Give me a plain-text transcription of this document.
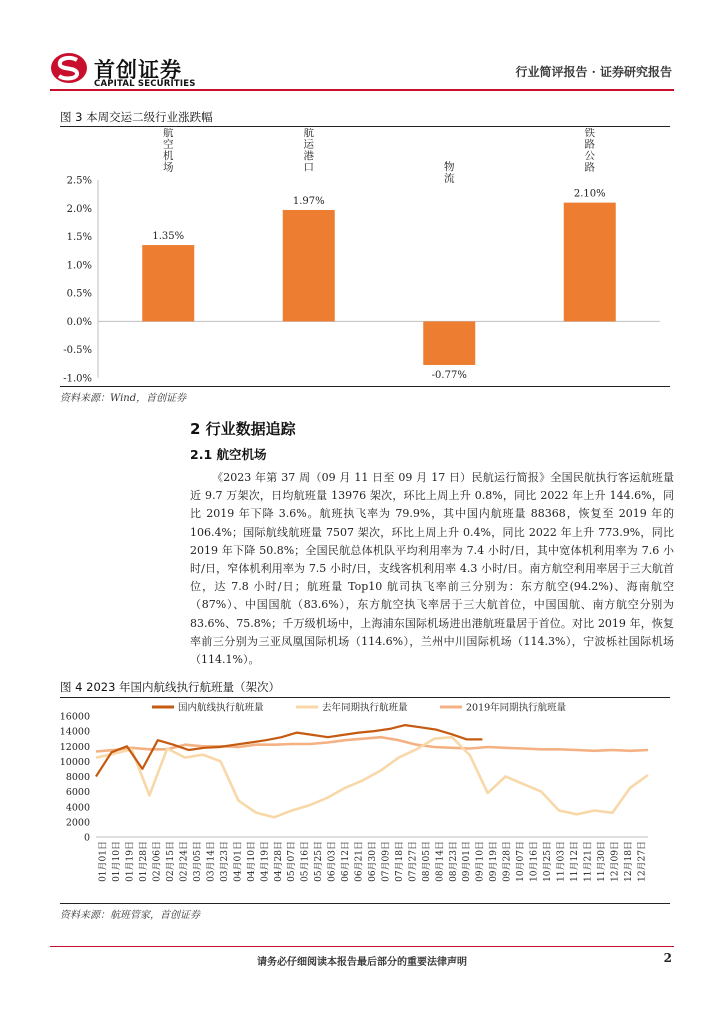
首创证券
CAPITAL SECURITIES
行业简评报告 · 证券研究报告
图 3 本周交运二级行业涨跌幅
-1.0%
-0.5%
0.0%
0.5%
1.0%
1.5%
2.0%
2.5%
1.35%
航空机场
1.97%
航运港口
-0.77%
物流
2.10%
铁路公路
资料来源：Wind，首创证券
2 行业数据追踪
2.1 航空机场
《2023 年第 37 周（09 月 11 日至 09 月 17 日）民航运行简报》全国民航执行客运航班量近 9.7 万架次，日均航班量 13976 架次，环比上周上升 0.8%，同比 2022 年上升 144.6%，同比 2019 年下降 3.6%。航班执飞率为 79.9%，其中国内航班量 88368，恢复至 2019 年的 106.4%；国际航线航班量 7507 架次，环比上周上升 0.4%，同比 2022 年上升 773.9%，同比 2019 年下降 50.8%；全国民航总体机队平均利用率为 7.4 小时/日，其中宽体机利用率为 7.6 小时/日，窄体机利用率为 7.5 小时/日，支线客机利用率 4.3 小时/日。南方航空利用率居于三大航首位，达 7.8 小时/日；航班量 Top10 航司执飞率前三分别为：东方航空(94.2%)、海南航空（87%）、中国国航（83.6%），东方航空执飞率居于三大航首位，中国国航、南方航空分别为 83.6%、75.8%；千万级机场中，上海浦东国际机场进出港航班量居于首位。对比 2019 年，恢复率前三分别为三亚凤凰国际机场（114.6%），兰州中川国际机场（114.3%），宁波栎社国际机场（114.1%）。
图 4 2023 年国内航线执行航班量（架次）
0
2000
4000
6000
8000
10000
12000
14000
16000
01月01日 01月10日 01月19日 01月28日 02月06日 02月15日 02月24日 03月05日 03月14日 03月23日 04月01日 04月10日 04月19日 04月28日 05月07日 05月16日 05月25日 06月03日 06月12日 06月21日 06月30日 07月09日 07月18日 07月27日 08月05日 08月14日 08月23日 09月01日 09月10日 09月19日 09月28日 10月07日 10月16日 10月25日 11月03日 11月12日 11月21日 11月30日 12月09日 12月18日 12月27日
国内航线执行航班量	去年同期执行航班量	2019年同期执行航班量
资料来源：航班管家，首创证券
请务必仔细阅读本报告最后部分的重要法律声明	2
